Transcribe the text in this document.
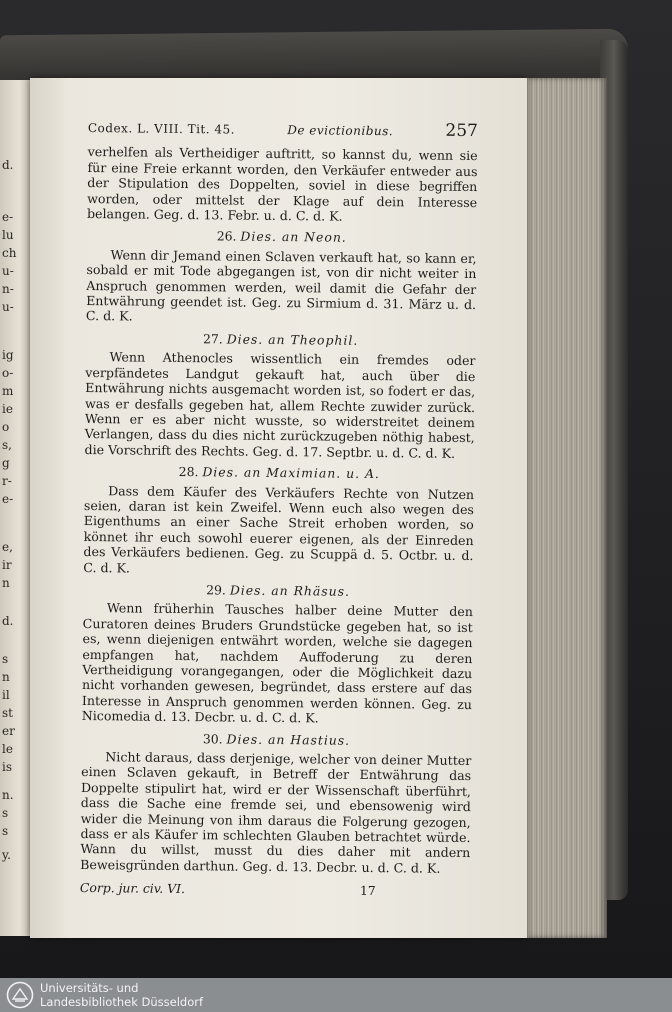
d.
e-
lu
ch
u-
n-
u-
ig
o-
m
ie
o
s,
g
r-
e-
e,
ir
n
d.
s
n
il
st
er
le
is
n.
s
s
y.
Codex. L. VIII. Tit. 45.	De evictionibus.	257

verhelfen als Vertheidiger auftritt, so kannst du, wenn sie für eine Freie erkannt worden, den Verkäufer entweder aus der Stipulation des Doppelten, soviel in diese begriffen worden, oder mittelst der Klage auf dein Interesse belangen. Geg. d. 13. Febr. u. d. C. d. K.

26. Dies. an Neon.

Wenn dir Jemand einen Sclaven verkauft hat, so kann er, sobald er mit Tode abgegangen ist, von dir nicht weiter in Anspruch genommen werden, weil damit die Gefahr der Entwährung geendet ist. Geg. zu Sirmium d. 31. März u. d. C. d. K.

27. Dies. an Theophil.

Wenn Athenocles wissentlich ein fremdes oder verpfändetes Landgut gekauft hat, auch über die Entwährung nichts ausgemacht worden ist, so fodert er das, was er desfalls gegeben hat, allem Rechte zuwider zurück. Wenn er es aber nicht wusste, so widerstreitet deinem Verlangen, dass du dies nicht zurückzugeben nöthig habest, die Vorschrift des Rechts. Geg. d. 17. Septbr. u. d. C. d. K.

28. Dies. an Maximian. u. A.

Dass dem Käufer des Verkäufers Rechte von Nutzen seien, daran ist kein Zweifel. Wenn euch also wegen des Eigenthums an einer Sache Streit erhoben worden, so könnet ihr euch sowohl euerer eigenen, als der Einreden des Verkäufers bedienen. Geg. zu Scuppä d. 5. Octbr. u. d. C. d. K.

29. Dies. an Rhäsus.

Wenn früherhin Tausches halber deine Mutter den Curatoren deines Bruders Grundstücke gegeben hat, so ist es, wenn diejenigen entwährt worden, welche sie dagegen empfangen hat, nachdem Auffoderung zu deren Vertheidigung vorangegangen, oder die Möglichkeit dazu nicht vorhanden gewesen, begründet, dass erstere auf das Interesse in Anspruch genommen werden können. Geg. zu Nicomedia d. 13. Decbr. u. d. C. d. K.

30. Dies. an Hastius.

Nicht daraus, dass derjenige, welcher von deiner Mutter einen Sclaven gekauft, in Betreff der Entwährung das Doppelte stipulirt hat, wird er der Wissenschaft überführt, dass die Sache eine fremde sei, und ebensowenig wird wider die Meinung von ihm daraus die Folgerung gezogen, dass er als Käufer im schlechten Glauben betrachtet würde. Wann du willst, musst du dies daher mit andern Beweisgründen darthun. Geg. d. 13. Decbr. u. d. C. d. K.

Corp. jur. civ. VI.	17
Universitäts- und
Landesbibliothek Düsseldorf
